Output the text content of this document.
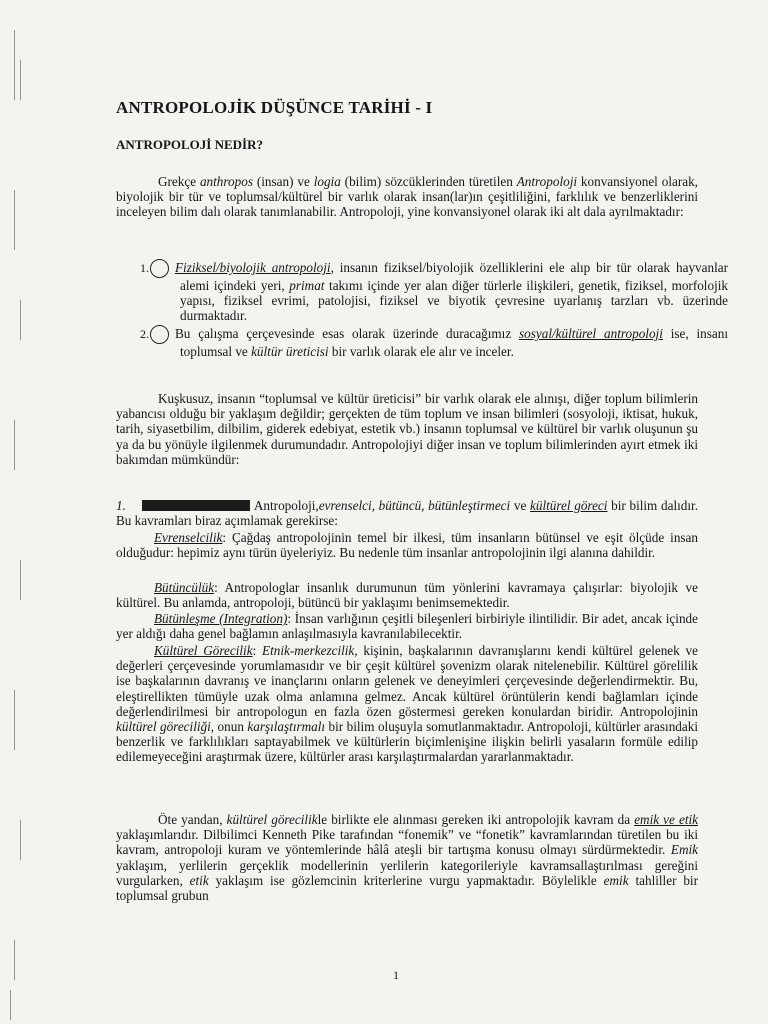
ANTROPOLOJİK DÜŞÜNCE TARİHİ - I
ANTROPOLOJİ NEDİR?

Grekçe anthropos (insan) ve logia (bilim) sözcüklerinden türetilen Antropoloji konvansiyonel olarak, biyolojik bir tür ve toplumsal/kültürel bir varlık olarak insan(lar)ın çeşitliliğini, farklılık ve benzerliklerini inceleyen bilim dalı olarak tanımlanabilir. Antropoloji, yine konvansiyonel olarak iki alt dala ayrılmaktadır:

1. Fiziksel/biyolojik antropoloji, insanın fiziksel/biyolojik özelliklerini ele alıp bir tür olarak hayvanlar alemi içindeki yeri, primat takımı içinde yer alan diğer türlerle ilişkileri, genetik, fiziksel, morfolojik yapısı, fiziksel evrimi, patolojisi, fiziksel ve biyotik çevresine uyarlanış tarzları vb. üzerinde durmaktadır.

2. Bu çalışma çerçevesinde esas olarak üzerinde duracağımız sosyal/kültürel antropoloji ise, insanı toplumsal ve kültür üreticisi bir varlık olarak ele alır ve inceler.

Kuşkusuz, insanın “toplumsal ve kültür üreticisi” bir varlık olarak ele alınışı, diğer toplum bilimlerin yabancısı olduğu bir yaklaşım değildir; gerçekten de tüm toplum ve insan bilimleri (sosyoloji, iktisat, hukuk, tarih, siyasetbilim, dilbilim, giderek edebiyat, estetik vb.) insanın toplumsal ve kültürel bir varlık oluşunun şu ya da bu yönüyle ilgilenmek durumundadır. Antropolojiyi diğer insan ve toplum bilimlerinden ayırt etmek iki bakımdan mümkündür:

1.	Antropoloji,evrenselci, bütüncü, bütünleştirmeci ve kültürel göreci bir bilim dalıdır. Bu kavramları biraz açımlamak gerekirse:

Evrenselcilik: Çağdaş antropolojinin temel bir ilkesi, tüm insanların bütünsel ve eşit ölçüde insan olduğudur: hepimiz aynı türün üyeleriyiz. Bu nedenle tüm insanlar antropolojinin ilgi alanına dahildir.

Bütüncülük: Antropologlar insanlık durumunun tüm yönlerini kavramaya çalışırlar: biyolojik ve kültürel. Bu anlamda, antropoloji, bütüncü bir yaklaşımı benimsemektedir.

Bütünleşme (Integration): İnsan varlığının çeşitli bileşenleri birbiriyle ilintilidir. Bir adet, ancak içinde yer aldığı daha genel bağlamın anlaşılmasıyla kavranılabilecektir.

Kültürel Görecilik: Etnik-merkezcilik, kişinin, başkalarının davranışlarını kendi kültürel gelenek ve değerleri çerçevesinde yorumlamasıdır ve bir çeşit kültürel şovenizm olarak nitelenebilir. Kültürel görelilik ise başkalarının davranış ve inançlarını onların gelenek ve deneyimleri çerçevesinde değerlendirmektir. Bu, eleştirellikten tümüyle uzak olma anlamına gelmez. Ancak kültürel örüntülerin kendi bağlamları içinde değerlendirilmesi bir antropologun en fazla özen göstermesi gereken konulardan biridir. Antropolojinin kültürel göreciliği, onun karşılaştırmalı bir bilim oluşuyla somutlanmaktadır. Antropoloji, kültürler arasındaki benzerlik ve farklılıkları saptayabilmek ve kültürlerin biçimlenişine ilişkin belirli yasaların formüle edilip edilemeyeceğini araştırmak üzere, kültürler arası karşılaştırmalardan yararlanmaktadır.

Öte yandan, kültürel görecilikle birlikte ele alınması gereken iki antropolojik kavram da emik ve etik yaklaşımlarıdır. Dilbilimci Kenneth Pike tarafından “fonemik” ve “fonetik” kavramlarından türetilen bu iki kavram, antropoloji kuram ve yöntemlerinde hâlâ ateşli bir tartışma konusu olmayı sürdürmektedir. Emik yaklaşım, yerlilerin gerçeklik modellerinin yerlilerin kategorileriyle kavramsallaştırılması gereğini vurgularken, etik yaklaşım ise gözlemcinin kriterlerine vurgu yapmaktadır. Böylelikle emik tahliller bir toplumsal grubun

1
